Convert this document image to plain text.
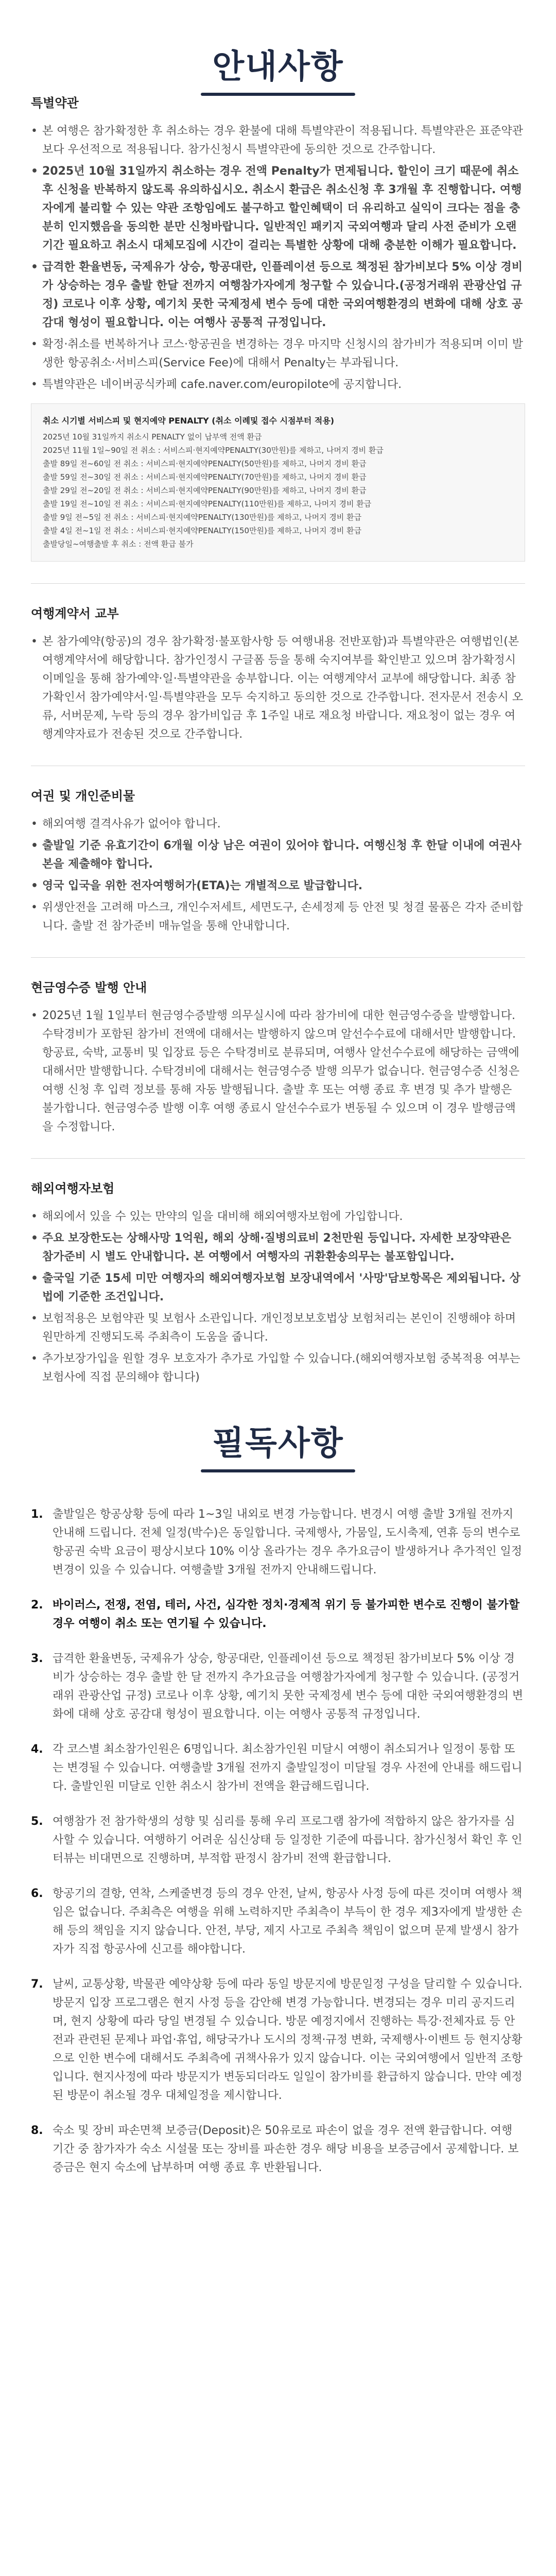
안내사항
특별약관
• 본 여행은 참가확정한 후 취소하는 경우 환불에 대해 특별약관이 적용됩니다. 특별약관은 표준약관보다 우선적으로 적용됩니다. 참가신청시 특별약관에 동의한 것으로 간주합니다.
• 2025년 10월 31일까지 취소하는 경우 전액 Penalty가 면제됩니다. 할인이 크기 때문에 취소 후 신청을 반복하지 않도록 유의하십시오. 취소시 환급은 취소신청 후 3개월 후 진행합니다. 여행자에게 불리할 수 있는 약관 조항임에도 불구하고 할인혜택이 더 유리하고 실익이 크다는 점을 충분히 인지했음을 동의한 분만 신청바랍니다. 일반적인 패키지 국외여행과 달리 사전 준비가 오랜 기간 필요하고 취소시 대체모집에 시간이 걸리는 특별한 상황에 대해 충분한 이해가 필요합니다.
• 급격한 환율변동, 국제유가 상승, 항공대란, 인플레이션 등으로 책정된 참가비보다 5% 이상 경비가 상승하는 경우 출발 한달 전까지 여행참가자에게 청구할 수 있습니다.(공정거래위 관광산업 규정) 코로나 이후 상황, 예기치 못한 국제정세 변수 등에 대한 국외여행환경의 변화에 대해 상호 공감대 형성이 필요합니다. 이는 여행사 공통적 규정입니다.
• 확정·취소를 번복하거나 코스·항공권을 변경하는 경우 마지막 신청시의 참가비가 적용되며 이미 발생한 항공취소·서비스피(Service Fee)에 대해서 Penalty는 부과됩니다.
• 특별약관은 네이버공식카페 cafe.naver.com/europilote에 공지합니다.
취소 시기별 서비스피 및 현지예약 PENALTY (취소 이례및 접수 시점부터 적용)
2025년 10월 31일까지 취소시 PENALTY 없이 납부액 전액 환급
2025년 11월 1일~90일 전 취소 : 서비스피·현지예약PENALTY(30만원)를 제하고, 나머지 경비 환급
출발 89일 전~60일 전 취소 : 서비스피·현지예약PENALTY(50만원)를 제하고, 나머지 경비 환급
출발 59일 전~30일 전 취소 : 서비스피·현지예약PENALTY(70만원)를 제하고, 나머지 경비 환급
출발 29일 전~20일 전 취소 : 서비스피·현지예약PENALTY(90만원)를 제하고, 나머지 경비 환급
출발 19일 전~10일 전 취소 : 서비스피·현지예약PENALTY(110만원)를 제하고, 나머지 경비 환급
출발 9일 전~5일 전 취소 : 서비스피·현지예약PENALTY(130만원)를 제하고, 나머지 경비 환급
출발 4일 전~1일 전 취소 : 서비스피·현지예약PENALTY(150만원)를 제하고, 나머지 경비 환급
출발당일~여행출발 후 취소 : 전액 환급 불가
여행계약서 교부
• 본 참가예약(항공)의 경우 참가확정·불포함사항 등 여행내용 전반포함)과 특별약관은 여행법인(본 여행계약서에 해당합니다. 참가인정시 구글폼 등을 통해 숙지여부를 확인받고 있으며 참가확정시 이메일을 통해 참가예약·일·특별약관을 송부합니다. 이는 여행계약서 교부에 해당합니다. 최종 참가확인서 참가예약서·일·특별약관을 모두 숙지하고 동의한 것으로 간주합니다. 전자문서 전송시 오류, 서버문제, 누락 등의 경우 참가비입금 후 1주일 내로 재요청 바랍니다. 재요청이 없는 경우 여행계약자료가 전송된 것으로 간주합니다.
여권 및 개인준비물
• 해외여행 결격사유가 없어야 합니다.
• 출발일 기준 유효기간이 6개월 이상 남은 여권이 있어야 합니다. 여행신청 후 한달 이내에 여권사본을 제출해야 합니다.
• 영국 입국을 위한 전자여행허가(ETA)는 개별적으로 발급합니다.
• 위생안전을 고려해 마스크, 개인수저세트, 세면도구, 손세정제 등 안전 및 청결 물품은 각자 준비합니다. 출발 전 참가준비 매뉴얼을 통해 안내합니다.
현금영수증 발행 안내
• 2025년 1월 1일부터 현금영수증발행 의무실시에 따라 참가비에 대한 현금영수증을 발행합니다. 수탁경비가 포함된 참가비 전액에 대해서는 발행하지 않으며 알선수수료에 대해서만 발행합니다. 항공료, 숙박, 교통비 및 입장료 등은 수탁경비로 분류되며, 여행사 알선수수료에 해당하는 금액에 대해서만 발행합니다. 수탁경비에 대해서는 현금영수증 발행 의무가 없습니다. 현금영수증 신청은 여행 신청 후 입력 정보를 통해 자동 발행됩니다. 출발 후 또는 여행 종료 후 변경 및 추가 발행은 불가합니다. 현금영수증 발행 이후 여행 종료시 알선수수료가 변동될 수 있으며 이 경우 발행금액을 수정합니다.
해외여행자보험
• 해외에서 있을 수 있는 만약의 일을 대비해 해외여행자보험에 가입합니다.
• 주요 보장한도는 상해사망 1억원, 해외 상해·질병의료비 2천만원 등입니다. 자세한 보장약관은 참가준비 시 별도 안내합니다. 본 여행에서 여행자의 귀환환송의무는 불포함입니다.
• 출국일 기준 15세 미만 여행자의 해외여행자보험 보장내역에서 '사망'담보항목은 제외됩니다. 상법에 기준한 조건입니다.
• 보험적용은 보험약관 및 보험사 소관입니다. 개인정보보호법상 보험처리는 본인이 진행해야 하며 원만하게 진행되도록 주최측이 도움을 줍니다.
• 추가보장가입을 원할 경우 보호자가 추가로 가입할 수 있습니다.(해외여행자보험 중복적용 여부는 보험사에 직접 문의해야 합니다)
필독사항
1. 출발일은 항공상황 등에 따라 1~3일 내외로 변경 가능합니다. 변경시 여행 출발 3개월 전까지 안내해 드립니다. 전체 일정(박수)은 동일합니다. 국제행사, 가뭄일, 도시축제, 연휴 등의 변수로 항공권 숙박 요금이 평상시보다 10% 이상 올라가는 경우 추가요금이 발생하거나 추가적인 일정변경이 있을 수 있습니다. 여행출발 3개월 전까지 안내해드립니다.
2. 바이러스, 전쟁, 전염, 테러, 사건, 심각한 정치·경제적 위기 등 불가피한 변수로 진행이 불가할 경우 여행이 취소 또는 연기될 수 있습니다.
3. 급격한 환율변동, 국제유가 상승, 항공대란, 인플레이션 등으로 책정된 참가비보다 5% 이상 경비가 상승하는 경우 출발 한 달 전까지 추가요금을 여행참가자에게 청구할 수 있습니다. (공정거래위 관광산업 규정) 코로나 이후 상황, 예기치 못한 국제정세 변수 등에 대한 국외여행환경의 변화에 대해 상호 공감대 형성이 필요합니다. 이는 여행사 공통적 규정입니다.
4. 각 코스별 최소참가인원은 6명입니다. 최소참가인원 미달시 여행이 취소되거나 일정이 통합 또는 변경될 수 있습니다. 여행출발 3개월 전까지 출발일정이 미달될 경우 사전에 안내를 해드립니다. 출발인원 미달로 인한 취소시 참가비 전액을 환급해드립니다.
5. 여행참가 전 참가학생의 성향 및 심리를 통해 우리 프로그램 참가에 적합하지 않은 참가자를 심사할 수 있습니다. 여행하기 어려운 심신상태 등 일정한 기준에 따릅니다. 참가신청서 확인 후 인터뷰는 비대면으로 진행하며, 부적합 판정시 참가비 전액 환급합니다.
6. 항공기의 결항, 연착, 스케줄변경 등의 경우 안전, 날씨, 항공사 사정 등에 따른 것이며 여행사 책임은 없습니다. 주최측은 여행을 위해 노력하지만 주최측이 부득이 한 경우 제3자에게 발생한 손해 등의 책임을 지지 않습니다. 안전, 부당, 제지 사고로 주최측 책임이 없으며 문제 발생시 참가자가 직접 항공사에 신고를 해야합니다.
7. 날씨, 교통상황, 박물관 예약상황 등에 따라 동일 방문지에 방문일정 구성을 달리할 수 있습니다. 방문지 입장 프로그램은 현지 사정 등을 감안해 변경 가능합니다. 변경되는 경우 미리 공지드리며, 현지 상황에 따라 당일 변경될 수 있습니다. 방문 예정지에서 진행하는 특강·전체자료 등 안전과 관련된 문제나 파업·휴업, 해당국가나 도시의 정책·규정 변화, 국제행사·이벤트 등 현지상황으로 인한 변수에 대해서도 주최측에 귀책사유가 있지 않습니다. 이는 국외여행에서 일반적 조항입니다. 현지사정에 따라 방문지가 변동되더라도 일일이 참가비를 환급하지 않습니다. 만약 예정된 방문이 취소될 경우 대체일정을 제시합니다.
8. 숙소 및 장비 파손면책 보증금(Deposit)은 50유로로 파손이 없을 경우 전액 환급합니다. 여행 기간 중 참가자가 숙소 시설물 또는 장비를 파손한 경우 해당 비용을 보증금에서 공제합니다. 보증금은 현지 숙소에 납부하며 여행 종료 후 반환됩니다.
